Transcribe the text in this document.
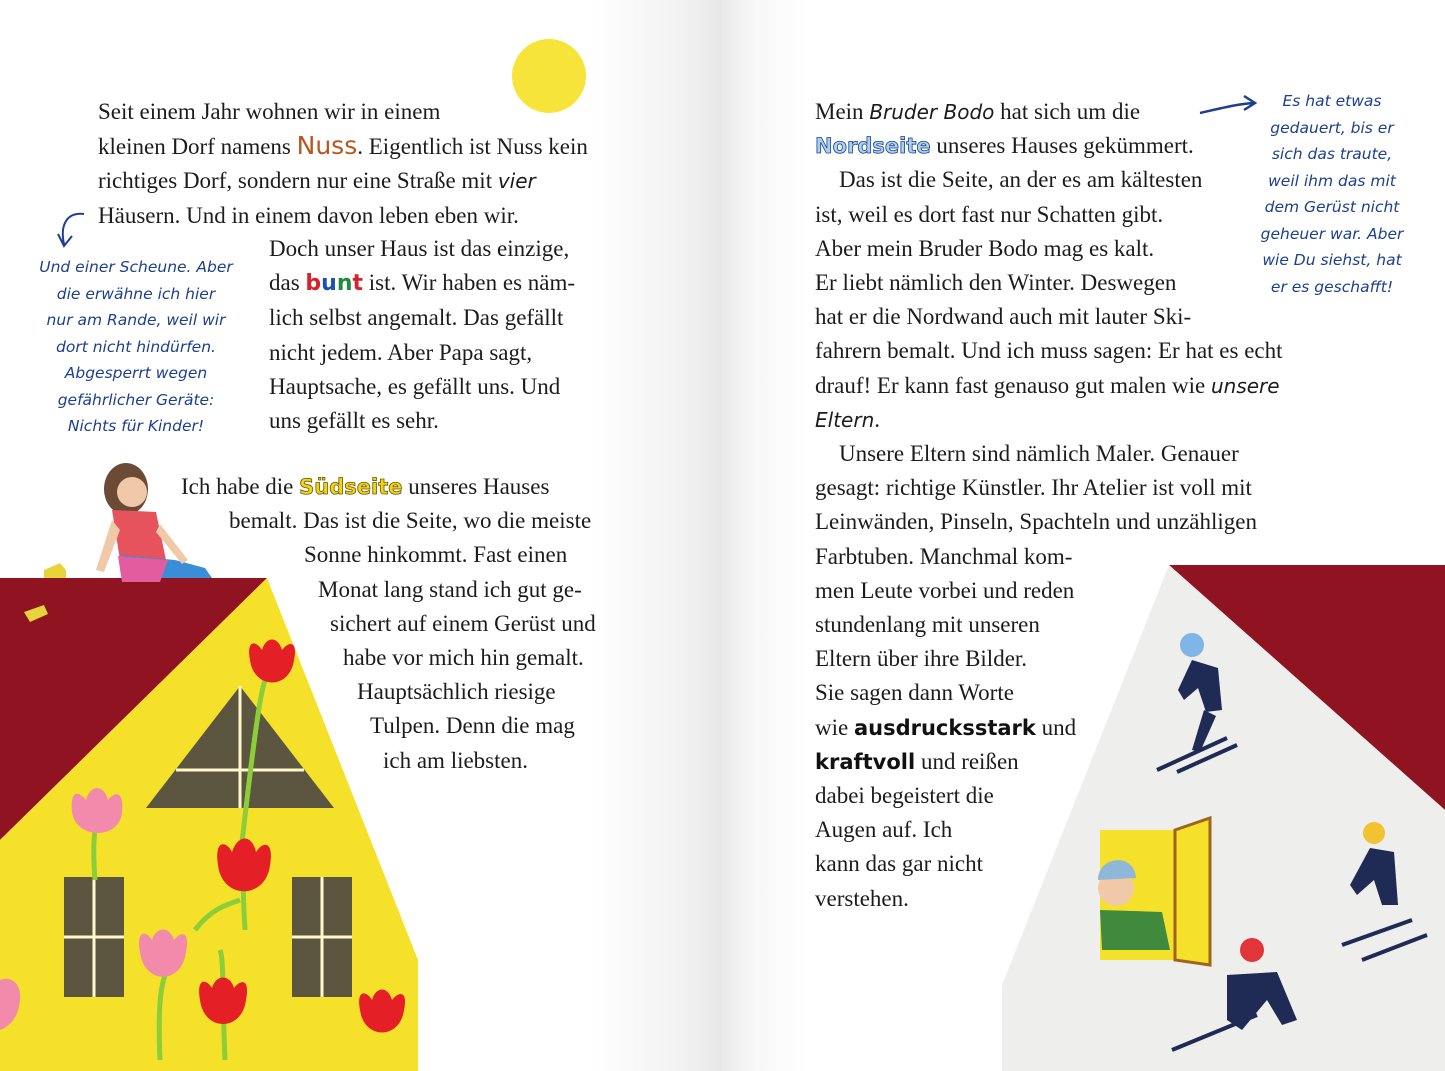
Seit einem Jahr wohnen wir in einem
kleinen Dorf namens Nuss. Eigentlich ist Nuss kein
richtiges Dorf, sondern nur eine Straße mit vier
Häusern. Und in einem davon leben eben wir.
Doch unser Haus ist das einzige,
das bunt ist. Wir haben es näm-
lich selbst angemalt. Das gefällt
nicht jedem. Aber Papa sagt,
Hauptsache, es gefällt uns. Und
uns gefällt es sehr.
Und einer Scheune. Aber
die erwähne ich hier
nur am Rande, weil wir
dort nicht hindürfen.
Abgesperrt wegen
gefährlicher Geräte:
Nichts für Kinder!
Ich habe die Südseite unseres Hauses
bemalt. Das ist die Seite, wo die meiste
Sonne hinkommt. Fast einen
Monat lang stand ich gut ge-
sichert auf einem Gerüst und
habe vor mich hin gemalt.
Hauptsächlich riesige
Tulpen. Denn die mag
ich am liebsten.
Mein Bruder Bodo hat sich um die
Nordseite unseres Hauses gekümmert.
Das ist die Seite, an der es am kältesten
ist, weil es dort fast nur Schatten gibt.
Aber mein Bruder Bodo mag es kalt.
Er liebt nämlich den Winter. Deswegen
hat er die Nordwand auch mit lauter Ski-
fahrern bemalt. Und ich muss sagen: Er hat es echt
drauf! Er kann fast genauso gut malen wie unsere
Eltern.
Unsere Eltern sind nämlich Maler. Genauer
gesagt: richtige Künstler. Ihr Atelier ist voll mit
Leinwänden, Pinseln, Spachteln und unzähligen
Farbtuben. Manchmal kom-
men Leute vorbei und reden
stundenlang mit unseren
Eltern über ihre Bilder.
Sie sagen dann Worte
wie ausdrucksstark und
kraftvoll und reißen
dabei begeistert die
Augen auf. Ich
kann das gar nicht
verstehen.
Es hat etwas
gedauert, bis er
sich das traute,
weil ihm das mit
dem Gerüst nicht
geheuer war. Aber
wie Du siehst, hat
er es geschafft!
